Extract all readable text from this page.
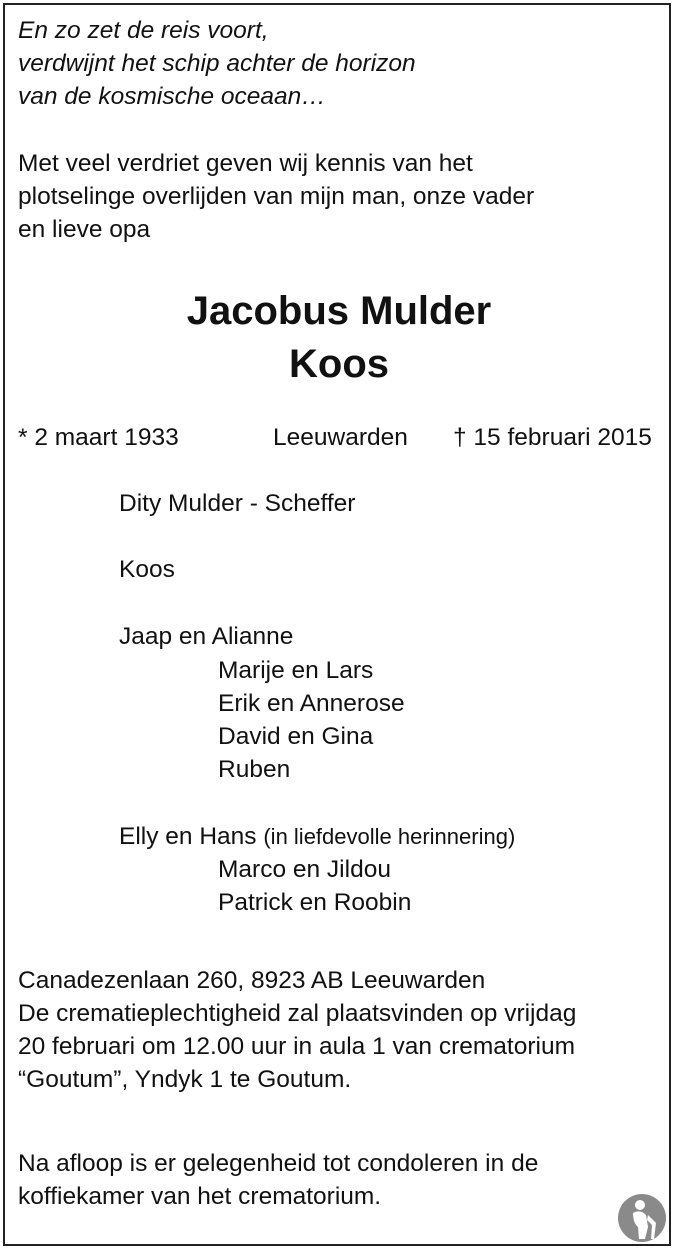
En zo zet de reis voort,
verdwijnt het schip achter de horizon
van de kosmische oceaan…
Met veel verdriet geven wij kennis van het
plotselinge overlijden van mijn man, onze vader
en lieve opa
Jacobus Mulder
Koos
* 2 maart 1933	Leeuwarden † 15 februari 2015
Dity Mulder - Scheffer
Koos
Jaap en Alianne
Marije en Lars
Erik en Annerose
David en Gina
Ruben
Elly en Hans (in liefdevolle herinnering)
Marco en Jildou
Patrick en Roobin
Canadezenlaan 260, 8923 AB Leeuwarden
De crematieplechtigheid zal plaatsvinden op vrijdag
20 februari om 12.00 uur in aula 1 van crematorium
“Goutum”, Yndyk 1 te Goutum.
Na afloop is er gelegenheid tot condoleren in de
koffiekamer van het crematorium.
